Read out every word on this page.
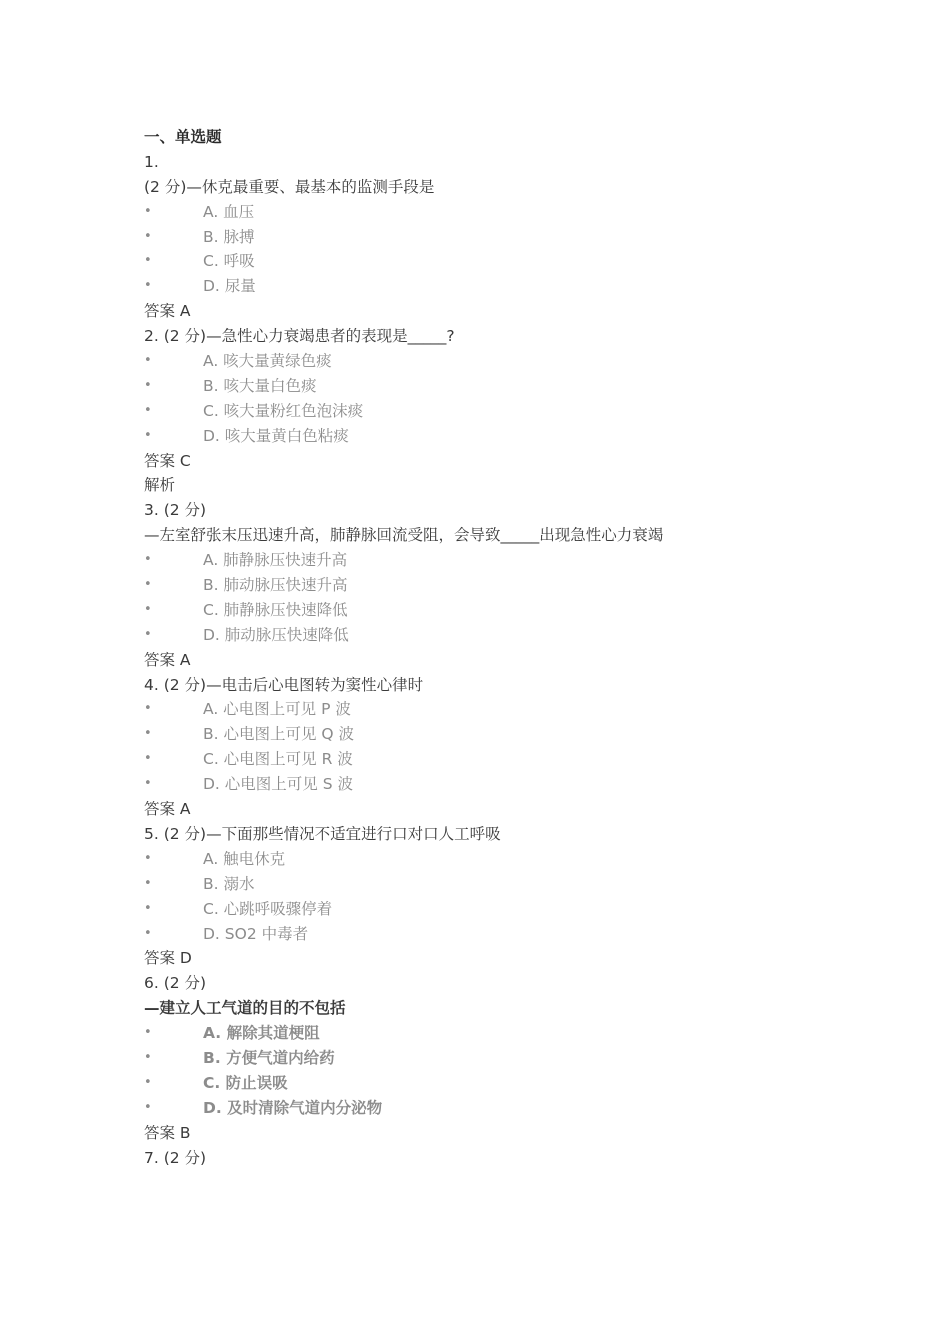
一、单选题
1.
(2 分)—休克最重要、最基本的监测手段是
•	A. 血压
•	B. 脉搏
•	C. 呼吸
•	D. 尿量
答案 A
2. (2 分)—急性心力衰竭患者的表现是_____?
•	A. 咳大量黄绿色痰
•	B. 咳大量白色痰
•	C. 咳大量粉红色泡沫痰
•	D. 咳大量黄白色粘痰
答案 C
解析
3. (2 分)
—左室舒张末压迅速升高，肺静脉回流受阻，会导致_____出现急性心力衰竭
•	A. 肺静脉压快速升高
•	B. 肺动脉压快速升高
•	C. 肺静脉压快速降低
•	D. 肺动脉压快速降低
答案 A
4. (2 分)—电击后心电图转为窦性心律时
•	A. 心电图上可见 P 波
•	B. 心电图上可见 Q 波
•	C. 心电图上可见 R 波
•	D. 心电图上可见 S 波
答案 A
5. (2 分)—下面那些情况不适宜进行口对口人工呼吸
•	A. 触电休克
•	B. 溺水
•	C. 心跳呼吸骤停着
•	D. SO2 中毒者
答案 D
6. (2 分)
—建立人工气道的目的不包括
•	A. 解除其道梗阻
•	B. 方便气道内给药
•	C. 防止误吸
•	D. 及时清除气道内分泌物
答案 B
7. (2 分)
